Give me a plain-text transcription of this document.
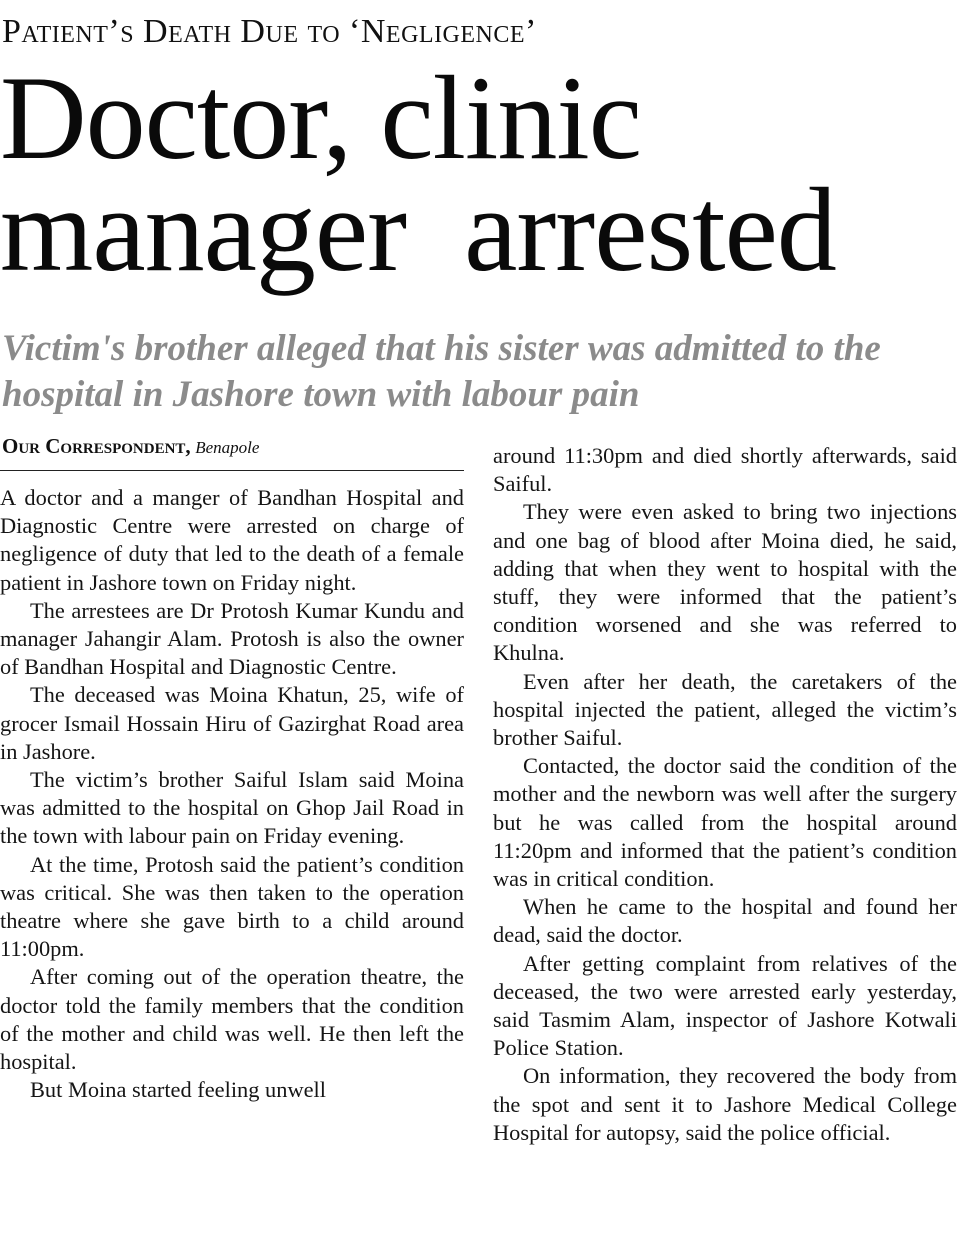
Patient’s Death Due to ‘Negligence’
Doctor, clinic
manager  arrested
Victim's brother alleged that his sister was admitted to the hospital in Jashore town with labour pain
Our Correspondent, Benapole

A doctor and a manger of Bandhan Hospital and Diagnostic Centre were arrested on charge of negligence of duty that led to the death of a female patient in Jashore town on Friday night.

The arrestees are Dr Protosh Kumar Kundu and manager Jahangir Alam. Protosh is also the owner of Bandhan Hospital and Diagnostic Centre.

The deceased was Moina Khatun, 25, wife of grocer Ismail Hossain Hiru of Gazirghat Road area in Jashore.

The victim’s brother Saiful Islam said Moina was admitted to the hospital on Ghop Jail Road in the town with labour pain on Friday evening.

At the time, Protosh said the patient’s condition was critical. She was then taken to the operation theatre where she gave birth to a child around 11:00pm.

After coming out of the operation theatre, the doctor told the family members that the condition of the mother and child was well. He then left the hospital.

But Moina started feeling unwell

around 11:30pm and died shortly afterwards, said Saiful.

They were even asked to bring two injections and one bag of blood after Moina died, he said, adding that when they went to hospital with the stuff, they were informed that the patient’s condition worsened and she was referred to Khulna.

Even after her death, the caretakers of the hospital injected the patient, alleged the victim’s brother Saiful.

Contacted, the doctor said the condition of the mother and the newborn was well after the surgery but he was called from the hospital around 11:20pm and informed that the patient’s condition was in critical condition.

When he came to the hospital and found her dead, said the doctor.

After getting complaint from relatives of the deceased, the two were arrested early yesterday, said Tasmim Alam, inspector of Jashore Kotwali Police Station.

On information, they recovered the body from the spot and sent it to Jashore Medical College Hospital for autopsy, said the police official.
